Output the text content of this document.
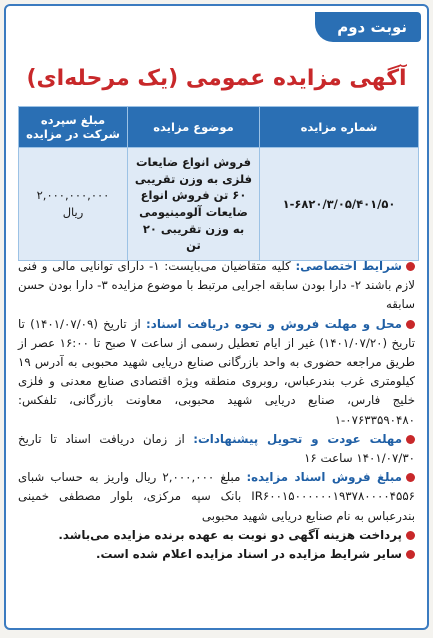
نوبت دوم
آگهی مزایده عمومی (یک مرحله‌ای)
شماره مزایده	موضوع مزایده	مبلغ سپرده شرکت در مزایده
۱-۶۸۲۰/۳/۰۵/۴۰۱/۵۰	فروش انواع ضایعات فلزی به وزن تقریبی ۶۰ تن فروش انواع ضایعات آلومینیومی به وزن تقریبی ۲۰ تن	۲,۰۰۰,۰۰۰,۰۰۰
ریال

شرایط اختصاصی: کلیه متقاضیان می‌بایست: ۱- دارای توانایی مالی و فنی لازم باشند ۲- دارا بودن سابقه اجرایی مرتبط با موضوع مزایده ۳- دارا بودن حسن سابقه

محل و مهلت فروش و نحوه دریافت اسناد: از تاریخ (۱۴۰۱/۰۷/۰۹) تا تاریخ (۱۴۰۱/۰۷/۲۰) غیر از ایام تعطیل رسمی از ساعت ۷ صبح تا ۱۶:۰۰ عصر از طریق مراجعه حضوری به واحد بازرگانی صنایع دریایی شهید محبوبی به آدرس ۱۹ کیلومتری غرب بندرعباس، روبروی منطقه ویژه اقتصادی صنایع معدنی و فلزی خلیج فارس، صنایع دریایی شهید محبوبی، معاونت بازرگانی، تلفکس: ۰۷۶۳۳۵۹۰۴۸۰-۱

مهلت عودت و تحویل پیشنهادات: از زمان دریافت اسناد تا تاریخ ۱۴۰۱/۰۷/۳۰ ساعت ۱۶

مبلغ فروش اسناد مزایده: مبلغ ۲,۰۰۰,۰۰۰ ریال واریز به حساب شبای IR۶۰۰۱۵۰۰۰۰۰۰۱۹۳۷۸۰۰۰۰۴۵۵۶ بانک سپه مرکزی، بلوار مصطفی خمینی بندرعباس به نام صنایع دریایی شهید محبوبی

پرداخت هزینه آگهی دو نوبت به عهده برنده مزایده می‌باشد.

سایر شرایط مزایده در اسناد مزایده اعلام شده است.
